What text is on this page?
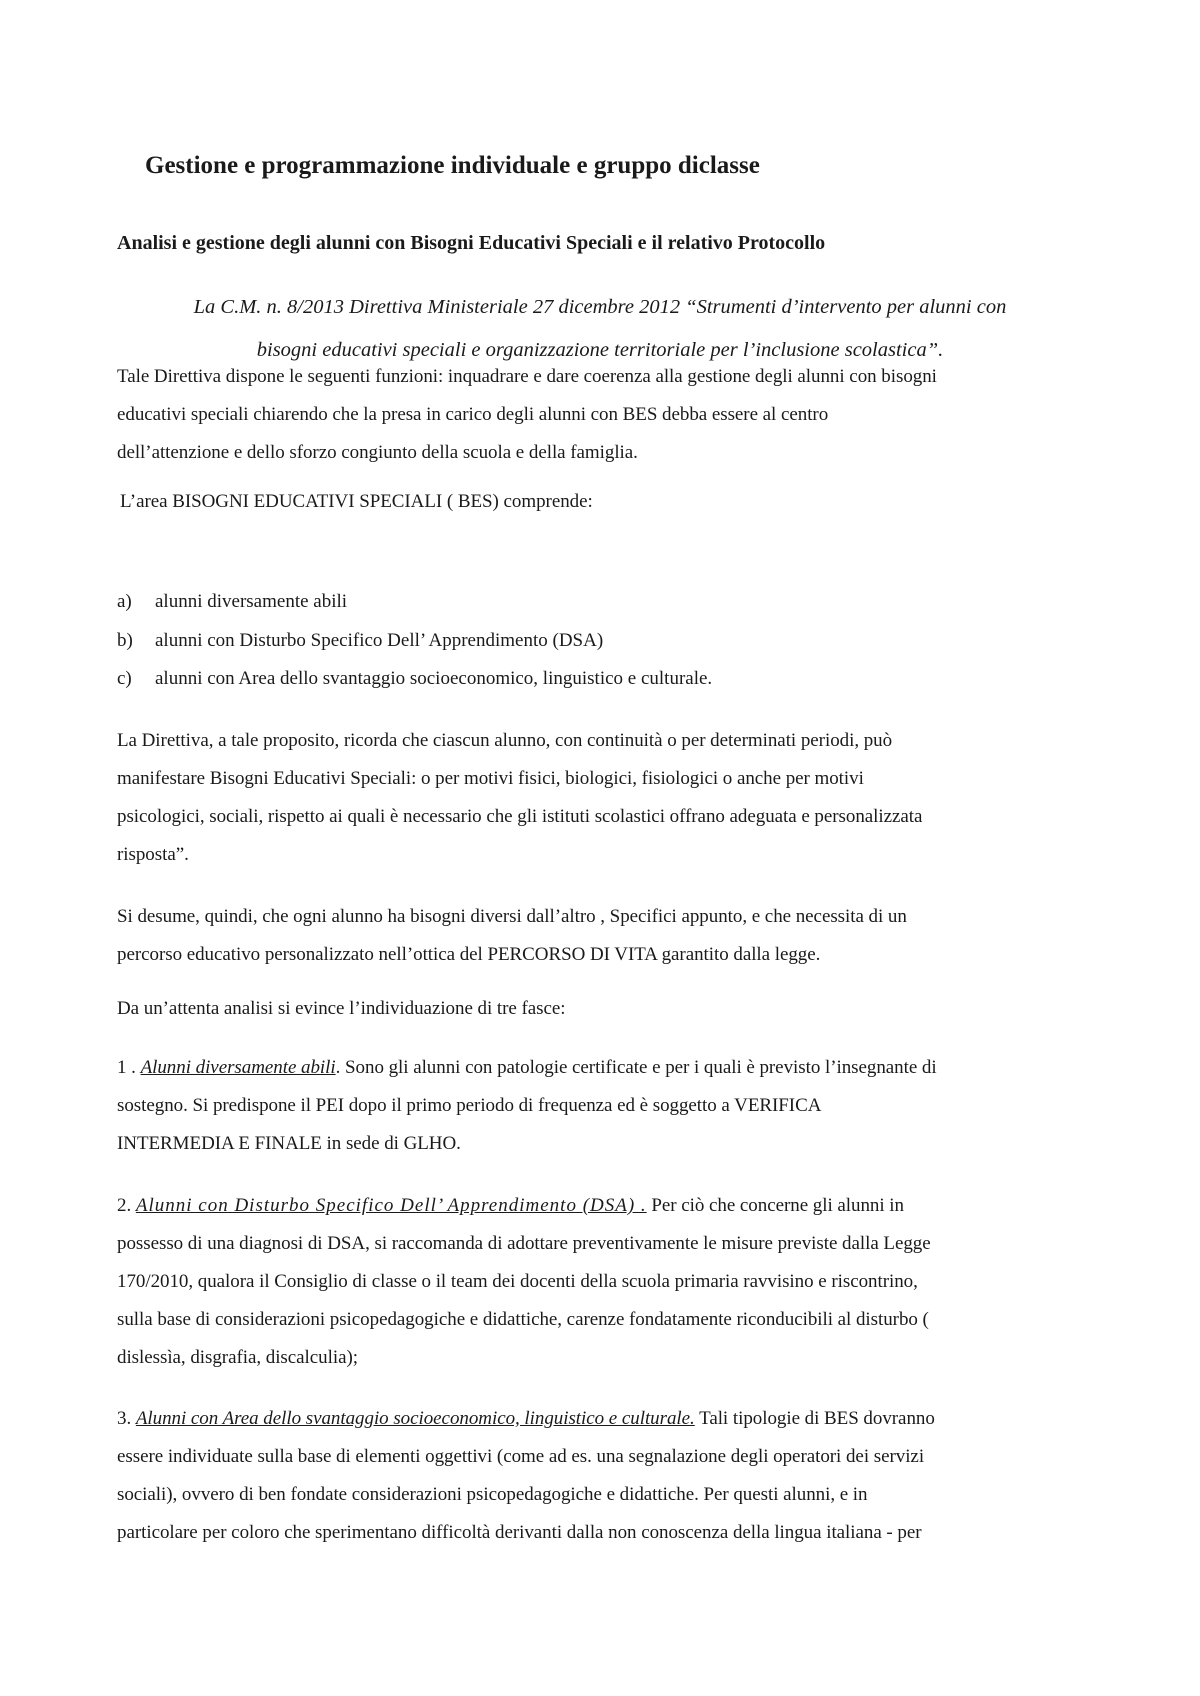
Gestione e programmazione individuale e gruppo diclasse
Analisi e gestione degli alunni con Bisogni Educativi Speciali e il relativo Protocollo

La C.M. n. 8/2013 Direttiva Ministeriale 27 dicembre 2012 “Strumenti d’intervento per alunni con
bisogni educativi speciali e organizzazione territoriale per l’inclusione scolastica”.

Tale Direttiva dispone le seguenti funzioni: inquadrare e dare coerenza alla gestione degli alunni con bisogni
educativi speciali chiarendo che la presa in carico degli alunni con BES debba essere al centro
dell’attenzione e dello sforzo congiunto della scuola e della famiglia.

L’area BISOGNI EDUCATIVI SPECIALI ( BES) comprende:

a) alunni diversamente abili
b) alunni con Disturbo Specifico Dell’ Apprendimento (DSA)
c) alunni con Area dello svantaggio socioeconomico, linguistico e culturale.

La Direttiva, a tale proposito, ricorda che ciascun alunno, con continuità o per determinati periodi, può
manifestare Bisogni Educativi Speciali: o per motivi fisici, biologici, fisiologici o anche per motivi
psicologici, sociali, rispetto ai quali è necessario che gli istituti scolastici offrano adeguata e personalizzata
risposta”.

Si desume, quindi, che ogni alunno ha bisogni diversi dall’altro , Specifici appunto, e che necessita di un
percorso educativo personalizzato nell’ottica del PERCORSO DI VITA garantito dalla legge.

Da un’attenta analisi si evince l’individuazione di tre fasce:

1 . Alunni diversamente abili. Sono gli alunni con patologie certificate e per i quali è previsto l’insegnante di
sostegno. Si predispone il PEI dopo il primo periodo di frequenza ed è soggetto a VERIFICA
INTERMEDIA E FINALE in sede di GLHO.

2. Alunni con Disturbo Specifico Dell’ Apprendimento (DSA) . Per ciò che concerne gli alunni in
possesso di una diagnosi di DSA, si raccomanda di adottare preventivamente le misure previste dalla Legge
170/2010, qualora il Consiglio di classe o il team dei docenti della scuola primaria ravvisino e riscontrino,
sulla base di considerazioni psicopedagogiche e didattiche, carenze fondatamente riconducibili al disturbo (
dislessìa, disgrafia, discalculia);

3. Alunni con Area dello svantaggio socioeconomico, linguistico e culturale. Tali tipologie di BES dovranno
essere individuate sulla base di elementi oggettivi (come ad es. una segnalazione degli operatori dei servizi
sociali), ovvero di ben fondate considerazioni psicopedagogiche e didattiche. Per questi alunni, e in
particolare per coloro che sperimentano difficoltà derivanti dalla non conoscenza della lingua italiana - per
